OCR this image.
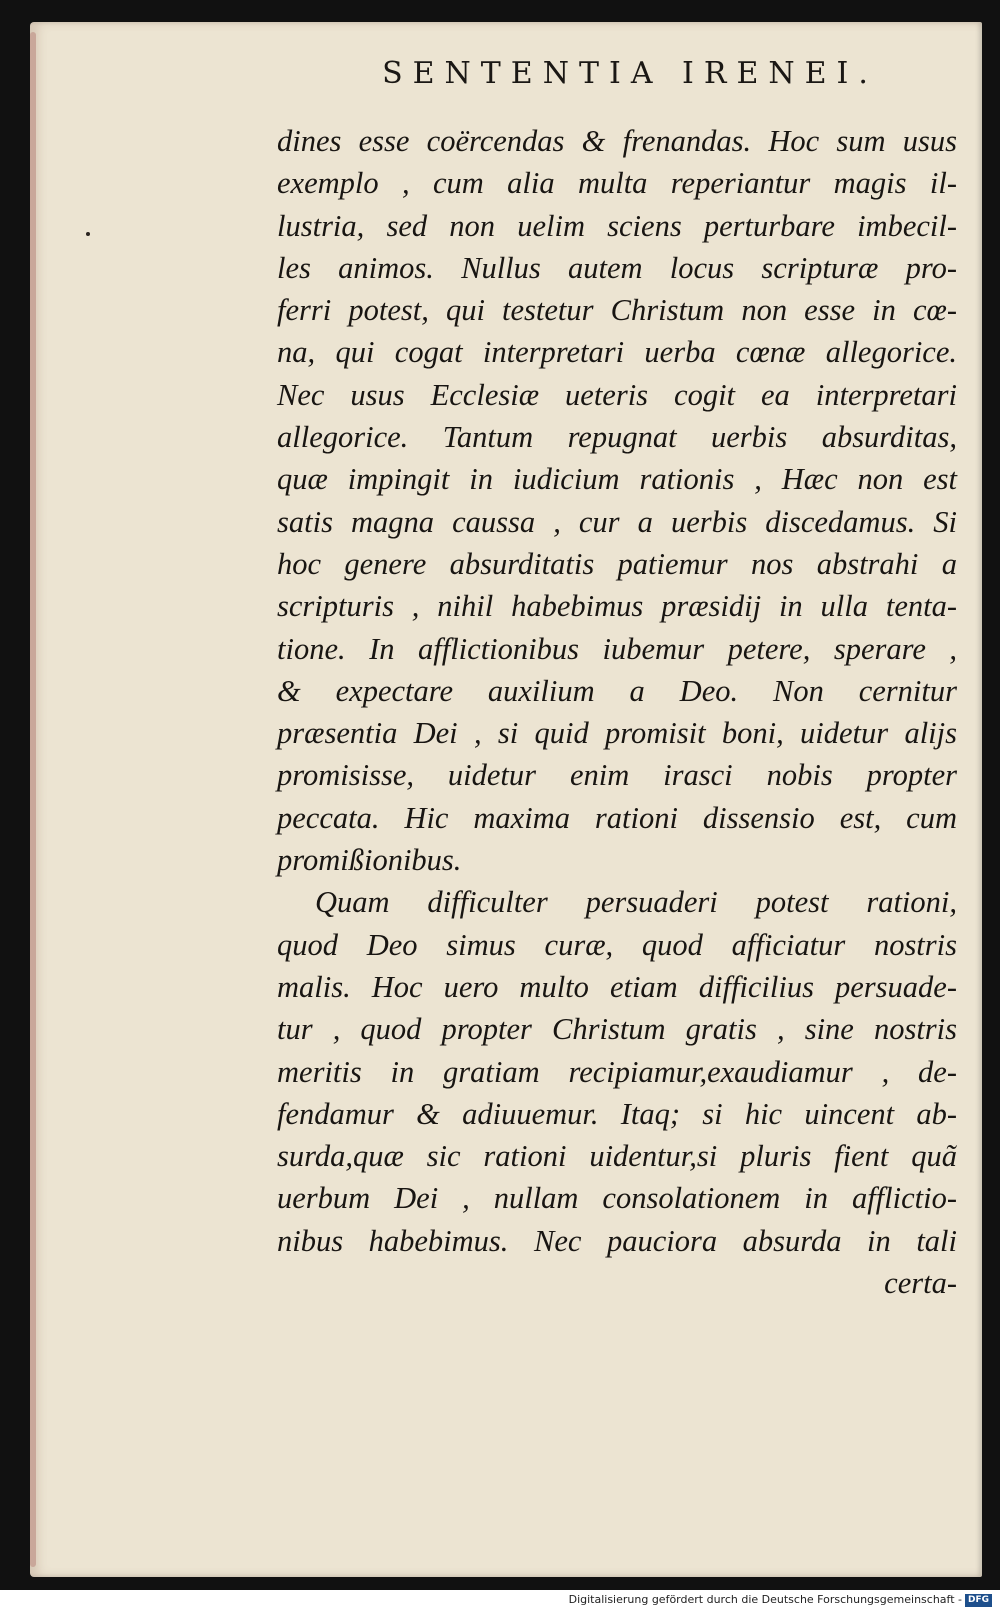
SENTENTIA IRENEI.
dines esse coërcendas & frenandas. Hoc sum usus
exemplo , cum alia multa reperiantur magis il-
lustria, sed non uelim sciens perturbare imbecil-
les animos. Nullus autem locus scripturæ pro-
ferri potest, qui testetur Christum non esse in cœ-
na, qui cogat interpretari uerba cœnæ allegorice.
Nec usus Ecclesiæ ueteris cogit ea interpretari
allegorice. Tantum repugnat uerbis absurditas,
quæ impingit in iudicium rationis , Hæc non est
satis magna caussa , cur a uerbis discedamus. Si
hoc genere absurditatis patiemur nos abstrahi a
scripturis , nihil habebimus præsidij in ulla tenta-
tione. In afflictionibus iubemur petere, sperare ,
& expectare auxilium a Deo. Non cernitur
præsentia Dei , si quid promisit boni, uidetur alijs
promisisse, uidetur enim irasci nobis propter
peccata. Hic maxima rationi dissensio est, cum
promißionibus.
Quam difficulter persuaderi potest rationi,
quod Deo simus curæ, quod afficiatur nostris
malis. Hoc uero multo etiam difficilius persuade-
tur , quod propter Christum gratis , sine nostris
meritis in gratiam recipiamur,exaudiamur , de-
fendamur & adiuuemur. Itaq; si hic uincent ab-
surda,quæ sic rationi uidentur,si pluris fient quã
uerbum Dei , nullam consolationem in afflictio-
nibus habebimus. Nec pauciora absurda in tali
certa-
Digitalisierung gefördert durch die Deutsche Forschungsgemeinschaft - DFG
